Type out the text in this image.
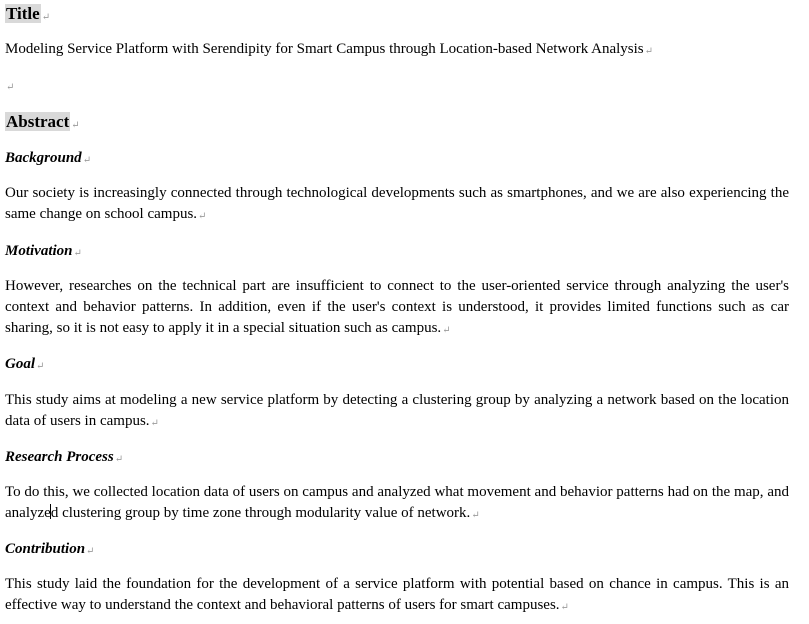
Title ↵
Modeling Service Platform with Serendipity for Smart Campus through Location-based Network Analysis↵
↵
Abstract ↵
Background↵
Our society is increasingly connected through technological developments such as smartphones, and we are also experiencing the same change on school campus.↵
Motivation↵
However, researches on the technical part are insufficient to connect to the user-oriented service through analyzing the user's context and behavior patterns. In addition, even if the user's context is understood, it provides limited functions such as car sharing, so it is not easy to apply it in a special situation such as campus.↵
Goal↵
This study aims at modeling a new service platform by detecting a clustering group by analyzing a network based on the location data of users in campus.↵
Research Process↵
To do this, we collected location data of users on campus and analyzed what movement and behavior patterns had on the map, and analyzed clustering group by time zone through modularity value of network.↵
Contribution↵
This study laid the foundation for the development of a service platform with potential based on chance in campus. This is an effective way to understand the context and behavioral patterns of users for smart campuses.↵
